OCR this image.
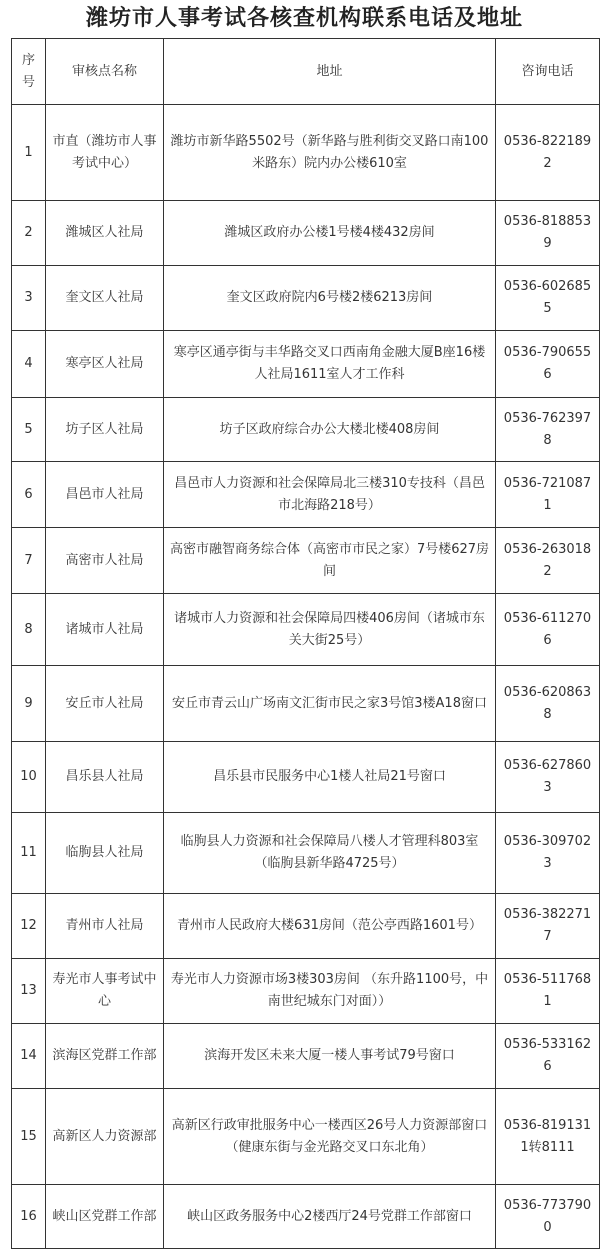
潍坊市人事考试各核查机构联系电话及地址
序号	审核点名称	地址	咨询电话
1	市直（潍坊市人事考试中心）	潍坊市新华路5502号（新华路与胜利街交叉路口南100米路东）院内办公楼610室	0536-8221892
2	潍城区人社局	潍城区政府办公楼1号楼4楼432房间	0536-8188539
3	奎文区人社局	奎文区政府院内6号楼2楼6213房间	0536-6026855
4	寒亭区人社局	寒亭区通亭街与丰华路交叉口西南角金融大厦B座16楼人社局1611室人才工作科	0536-7906556
5	坊子区人社局	坊子区政府综合办公大楼北楼408房间	0536-7623978
6	昌邑市人社局	昌邑市人力资源和社会保障局北三楼310专技科（昌邑市北海路218号）	0536-7210871
7	高密市人社局	高密市融智商务综合体（高密市市民之家）7号楼627房间	0536-2630182
8	诸城市人社局	诸城市人力资源和社会保障局四楼406房间（诸城市东关大街25号）	0536-6112706
9	安丘市人社局	安丘市青云山广场南文汇街市民之家3号馆3楼A18窗口	0536-6208638
10	昌乐县人社局	昌乐县市民服务中心1楼人社局21号窗口	0536-6278603
11	临朐县人社局	临朐县人力资源和社会保障局八楼人才管理科803室（临朐县新华路4725号）	0536-3097023
12	青州市人社局	青州市人民政府大楼631房间（范公亭西路1601号）	0536-3822717
13	寿光市人事考试中心	寿光市人力资源市场3楼303房间 （东升路1100号，中南世纪城东门对面））	0536-5117681
14	滨海区党群工作部	滨海开发区未来大厦一楼人事考试79号窗口	0536-5331626
15	高新区人力资源部	高新区行政审批服务中心一楼西区26号人力资源部窗口（健康东街与金光路交叉口东北角）	0536-8191311转8111
16	峡山区党群工作部	峡山区政务服务中心2楼西厅24号党群工作部窗口	0536-7737900
